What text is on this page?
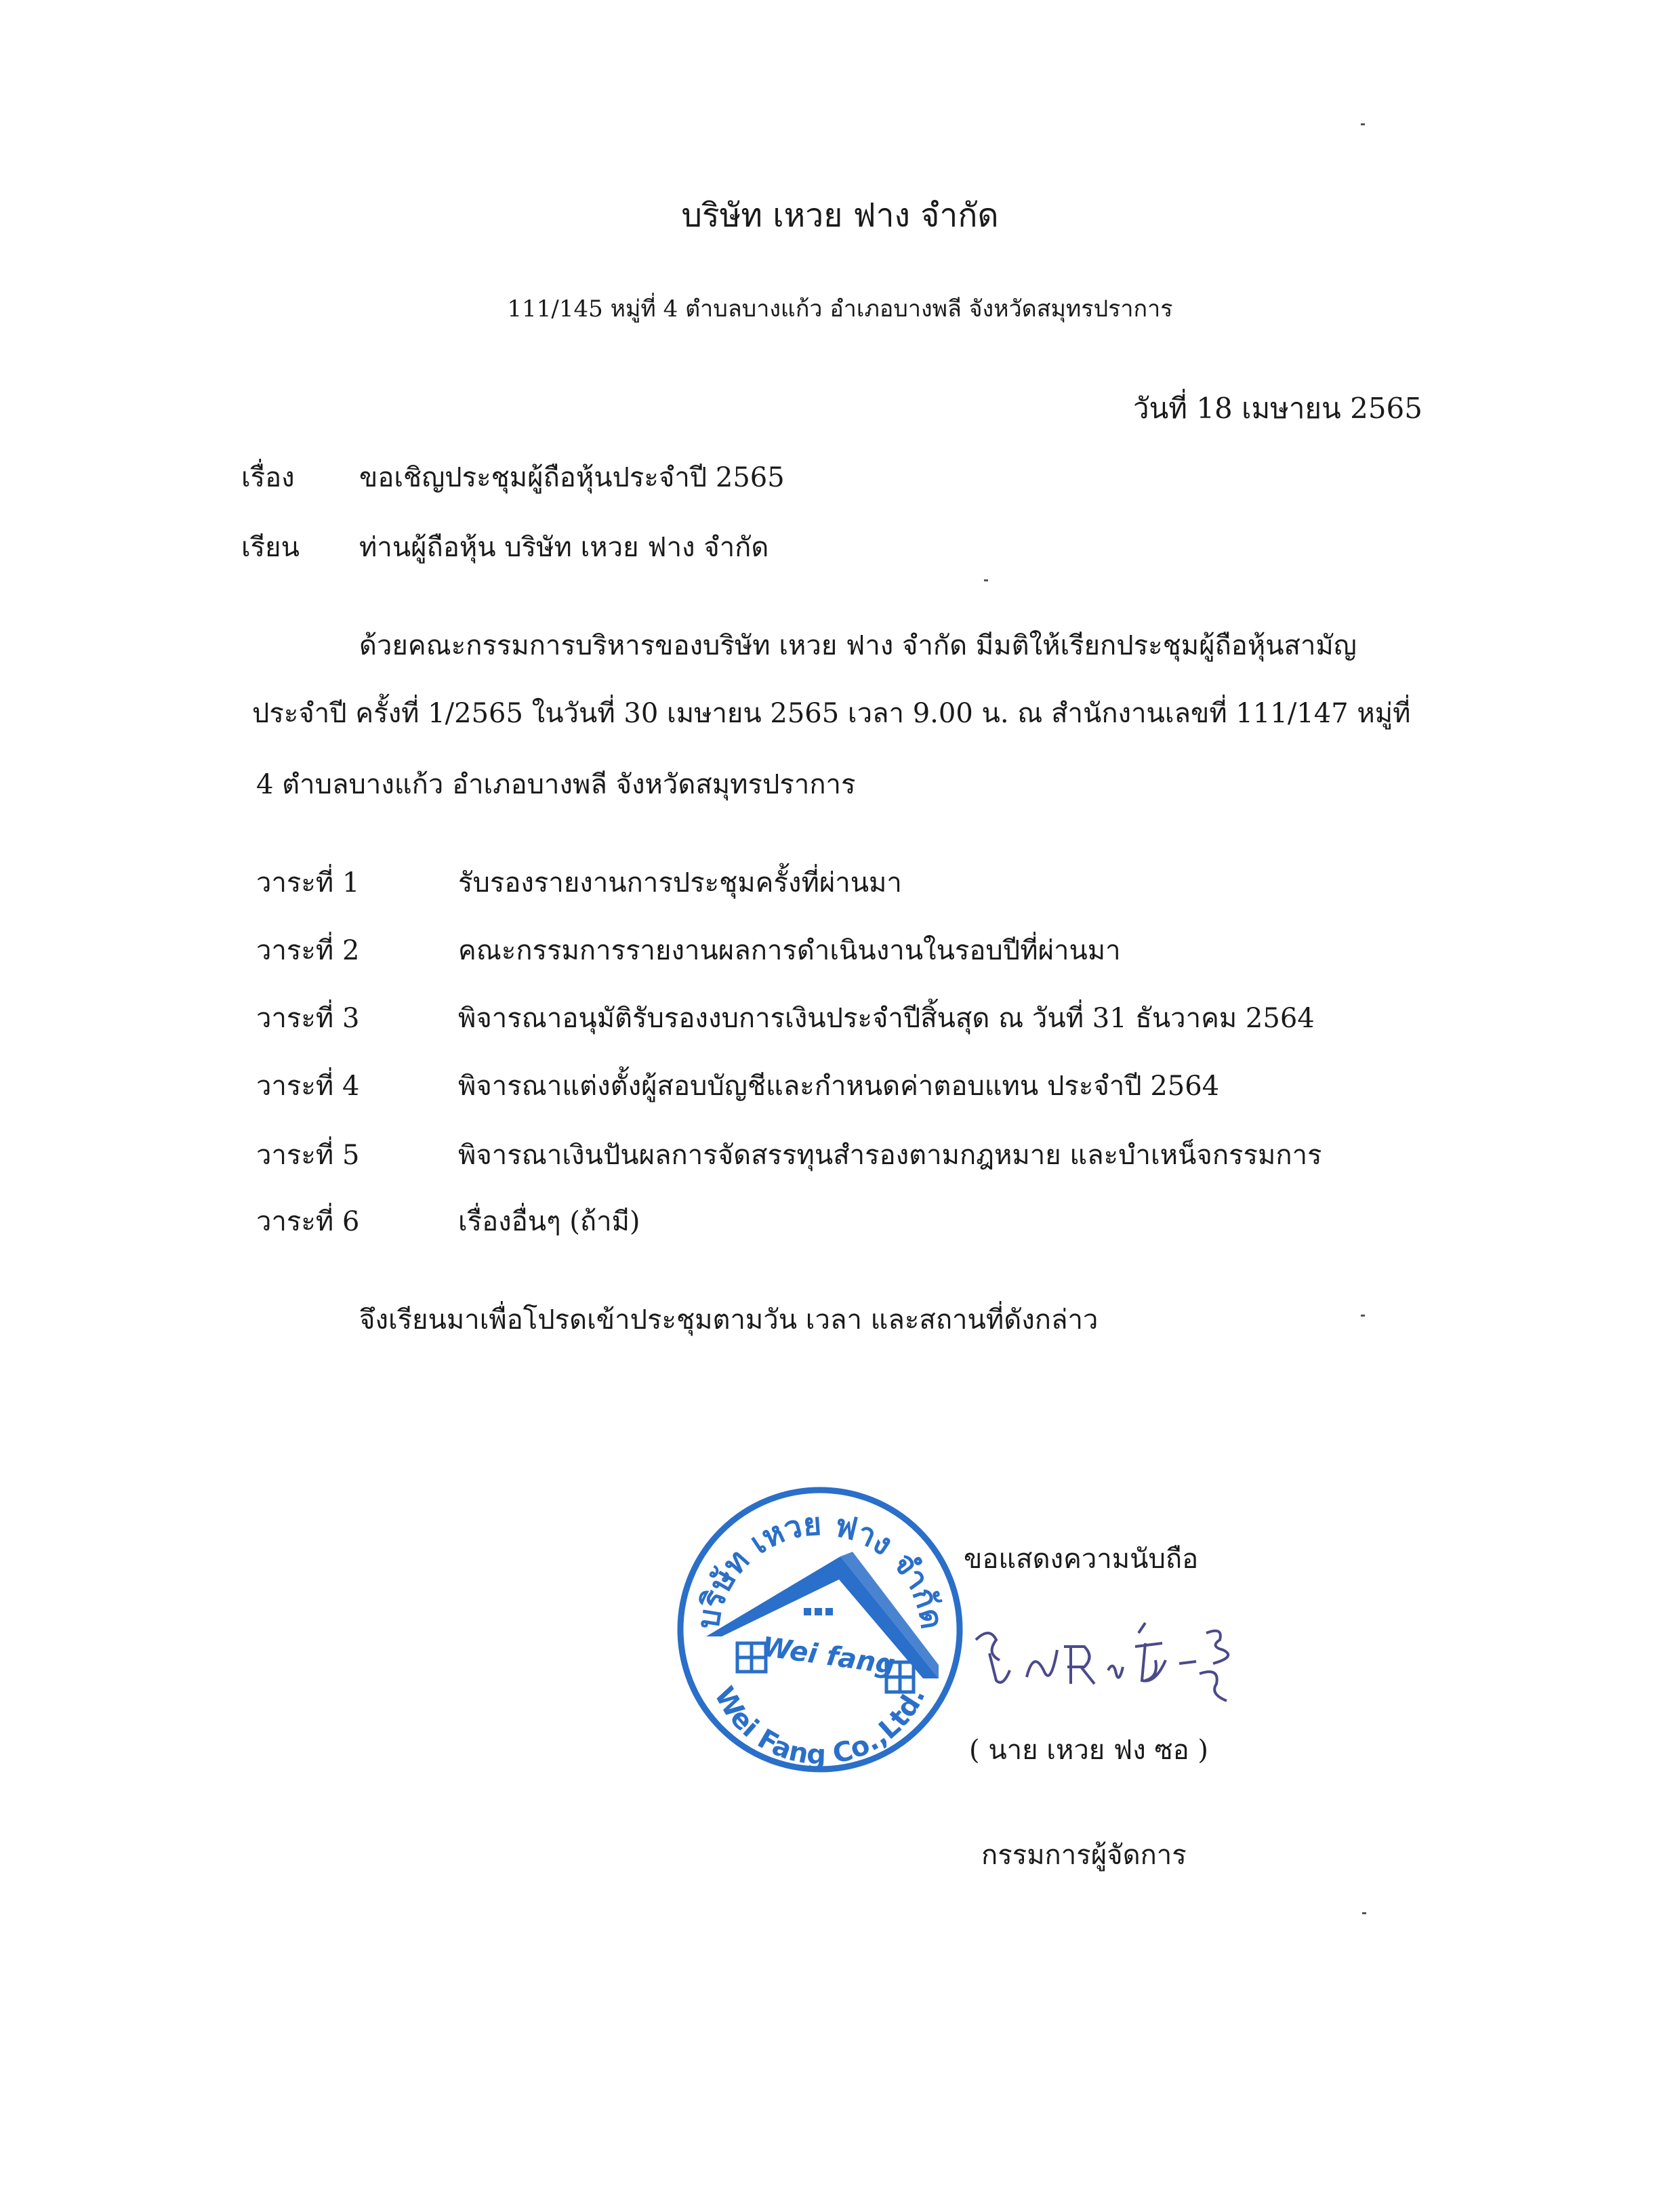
บริษัท เหวย ฟาง จำกัด
111/145 หมู่ที่ 4 ตำบลบางแก้ว อำเภอบางพลี จังหวัดสมุทรปราการ
วันที่ 18 เมษายน 2565
เรื่อง ขอเชิญประชุมผู้ถือหุ้นประจำปี 2565
เรียน ท่านผู้ถือหุ้น บริษัท เหวย ฟาง จำกัด
ด้วยคณะกรรมการบริหารของบริษัท เหวย ฟาง จำกัด มีมติให้เรียกประชุมผู้ถือหุ้นสามัญ
ประจำปี ครั้งที่ 1/2565 ในวันที่ 30 เมษายน 2565 เวลา 9.00 น. ณ สำนักงานเลขที่ 111/147 หมู่ที่
4 ตำบลบางแก้ว อำเภอบางพลี จังหวัดสมุทรปราการ
วาระที่ 1	รับรองรายงานการประชุมครั้งที่ผ่านมา
วาระที่ 2	คณะกรรมการรายงานผลการดำเนินงานในรอบปีที่ผ่านมา
วาระที่ 3	พิจารณาอนุมัติรับรองงบการเงินประจำปีสิ้นสุด ณ วันที่ 31 ธันวาคม 2564
วาระที่ 4	พิจารณาแต่งตั้งผู้สอบบัญชีและกำหนดค่าตอบแทน ประจำปี 2564
วาระที่ 5	พิจารณาเงินปันผลการจัดสรรทุนสำรองตามกฎหมาย และบำเหน็จกรรมการ
วาระที่ 6	เรื่องอื่นๆ (ถ้ามี)
จึงเรียนมาเพื่อโปรดเข้าประชุมตามวัน เวลา และสถานที่ดังกล่าว
บริษัท เหวย ฟาง จำกัด
Wei Fang Co.,Ltd.
Wei fang
ขอแสดงความนับถือ
( นาย เหวย ฟง ซอ )
กรรมการผู้จัดการ
